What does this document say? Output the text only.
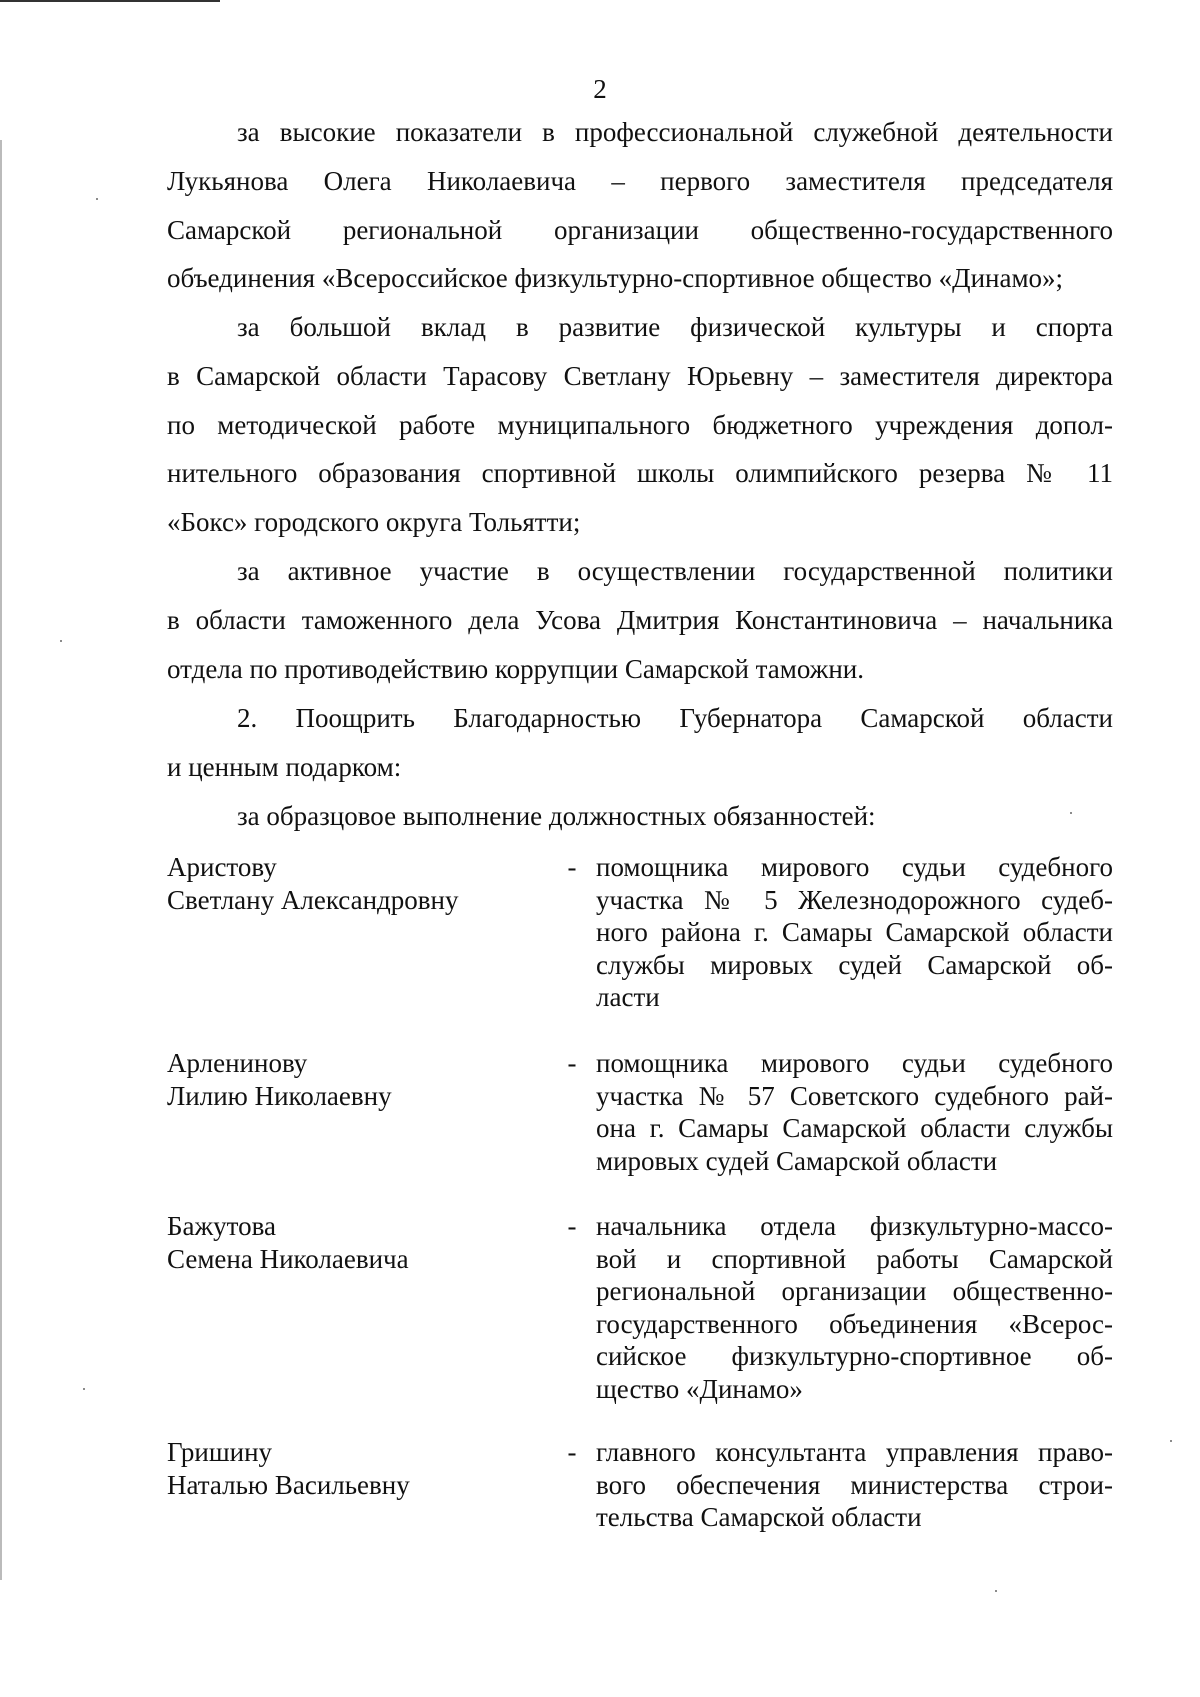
2
за высокие показатели в профессиональной служебной деятельности
Лукьянова Олега Николаевича – первого заместителя председателя
Самарской региональной организации общественно-государственного
объединения «Всероссийское физкультурно-спортивное общество «Динамо»;
за большой вклад в развитие физической культуры и спорта
в Самарской области Тарасову Светлану Юрьевну – заместителя директора
по методической работе муниципального бюджетного учреждения допол-
нительного образования спортивной школы олимпийского резерва № 11
«Бокс» городского округа Тольятти;
за активное участие в осуществлении государственной политики
в области таможенного дела Усова Дмитрия Константиновича – начальника
отдела по противодействию коррупции Самарской таможни.
2. Поощрить Благодарностью Губернатора Самарской области
и ценным подарком:
за образцовое выполнение должностных обязанностей:
Аристову
Светлану Александровну
- помощника мирового судьи судебного
участка № 5 Железнодорожного судеб-
ного района г. Самары Самарской области
службы мировых судей Самарской об-
ласти
Арленинову
Лилию Николаевну
- помощника мирового судьи судебного
участка № 57 Советского судебного рай-
она г. Самары Самарской области службы
мировых судей Самарской области
Бажутова
Семена Николаевича
- начальника отдела физкультурно-массо-
вой и спортивной работы Самарской
региональной организации общественно-
государственного объединения «Всерос-
сийское физкультурно-спортивное об-
щество «Динамо»
Гришину
Наталью Васильевну
- главного консультанта управления право-
вого обеспечения министерства строи-
тельства Самарской области
